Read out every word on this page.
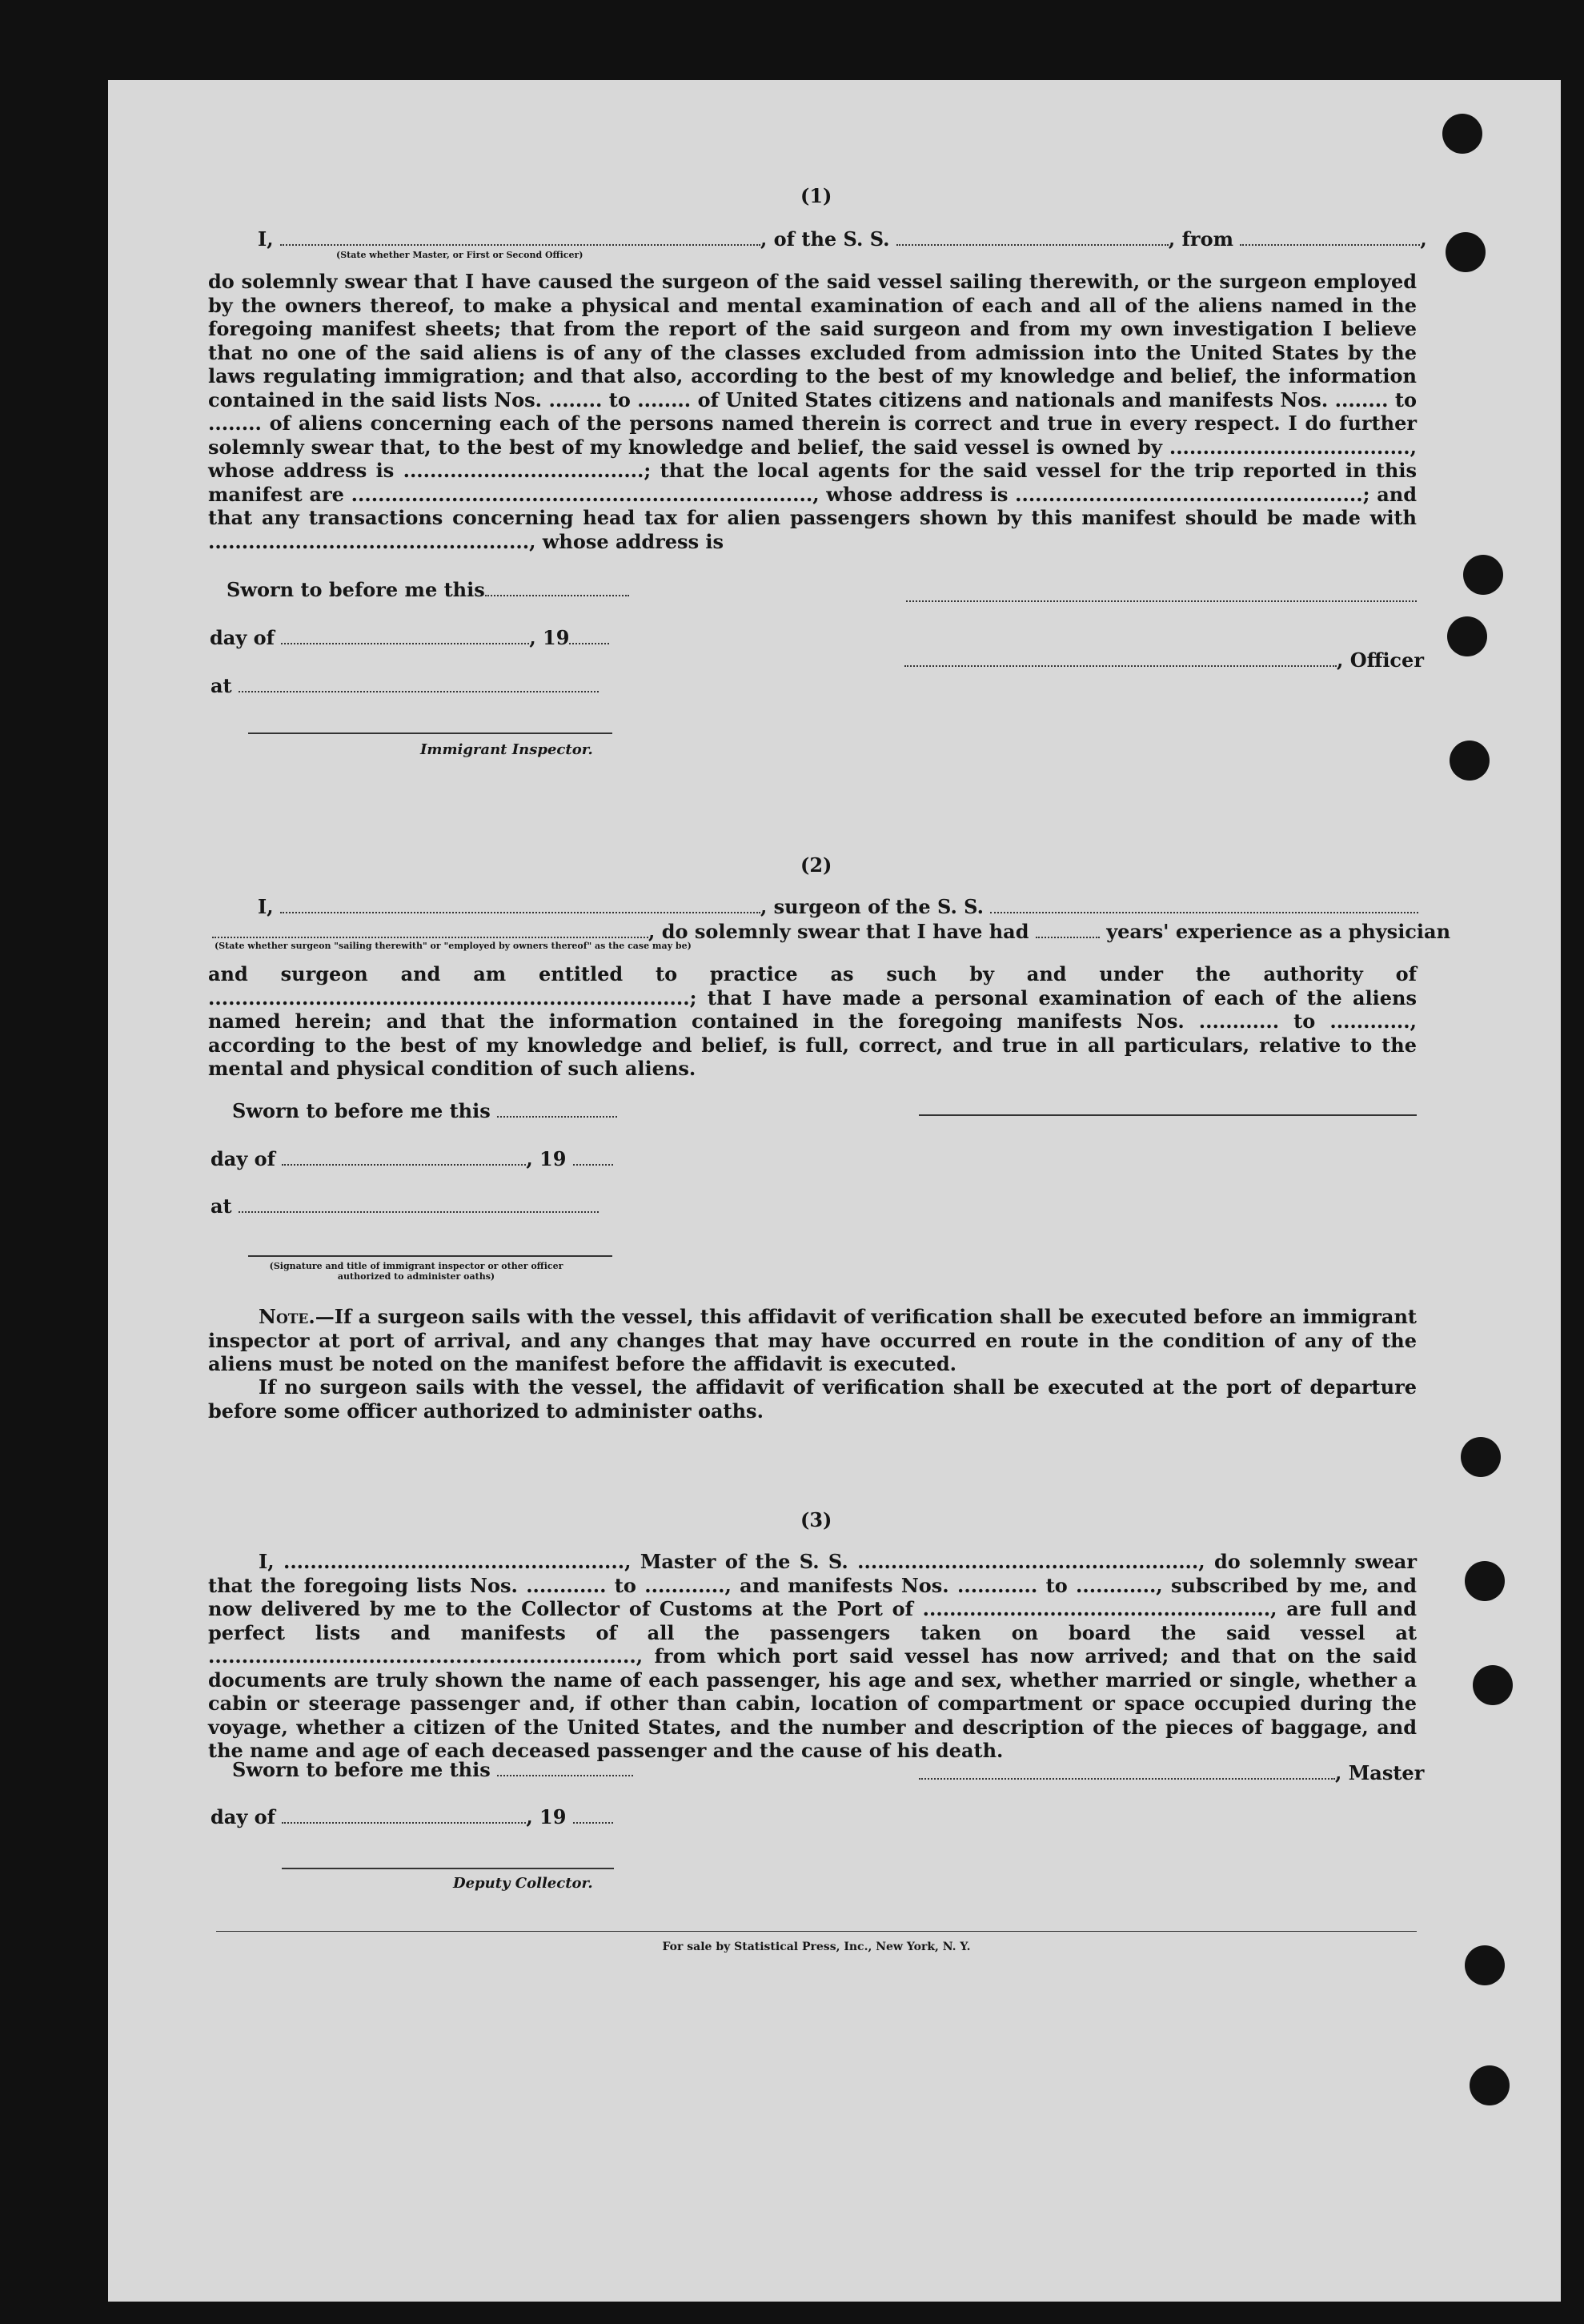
(1)
I,	, of the S. S.	, from	,
(State whether Master, or First or Second Officer)
do solemnly swear that I have caused the surgeon of the said vessel sailing therewith, or the surgeon employed by the owners thereof, to make a physical and mental examination of each and all of the aliens named in the foregoing manifest sheets; that from the report of the said surgeon and from my own investigation I believe that no one of the said aliens is of any of the classes excluded from admission into the United States by the laws regulating immigration; and that also, according to the best of my knowledge and belief, the information contained in the said lists Nos. ........ to ........ of United States citizens and nationals and manifests Nos. ........ to ........ of aliens concerning each of the persons named therein is correct and true in every respect. I do further solemnly swear that, to the best of my knowledge and belief, the said vessel is owned by ...................................., whose address is ....................................; that the local agents for the said vessel for the trip reported in this manifest are ....................................................................., whose address is ....................................................; and that any transactions concerning head tax for alien passengers shown by this manifest should be made with ................................................, whose address is
Sworn to before me this
day of	, 19
at
Immigrant Inspector.
, Officer
(2)
I,	, surgeon of the S. S.
, do solemnly swear that I have had	years' experience as a physician
(State whether surgeon "sailing therewith" or "employed by owners thereof" as the case may be)
and surgeon and am entitled to practice as such by and under the authority of ........................................................................; that I have made a personal examination of each of the aliens named herein; and that the information contained in the foregoing manifests Nos. ............ to ............, according to the best of my knowledge and belief, is full, correct, and true in all particulars, relative to the mental and physical condition of such aliens.
Sworn to before me this
day of	, 19
at
(Signature and title of immigrant inspector or other officer authorized to administer oaths)
Note.—If a surgeon sails with the vessel, this affidavit of verification shall be executed before an immigrant inspector at port of arrival, and any changes that may have occurred en route in the condition of any of the aliens must be noted on the manifest before the affidavit is executed.
If no surgeon sails with the vessel, the affidavit of verification shall be executed at the port of departure before some officer authorized to administer oaths.
(3)
I, ..................................................., Master of the S. S. ..................................................., do solemnly swear that the foregoing lists Nos. ............ to ............, and manifests Nos. ............ to ............, subscribed by me, and now delivered by me to the Collector of Customs at the Port of ...................................................., are full and perfect lists and manifests of all the passengers taken on board the said vessel at ................................................................, from which port said vessel has now arrived; and that on the said documents are truly shown the name of each passenger, his age and sex, whether married or single, whether a cabin or steerage passenger and, if other than cabin, location of compartment or space occupied during the voyage, whether a citizen of the United States, and the number and description of the pieces of baggage, and the name and age of each deceased passenger and the cause of his death.
Sworn to before me this	, Master
day of	, 19
Deputy Collector.
For sale by Statistical Press, Inc., New York, N. Y.
